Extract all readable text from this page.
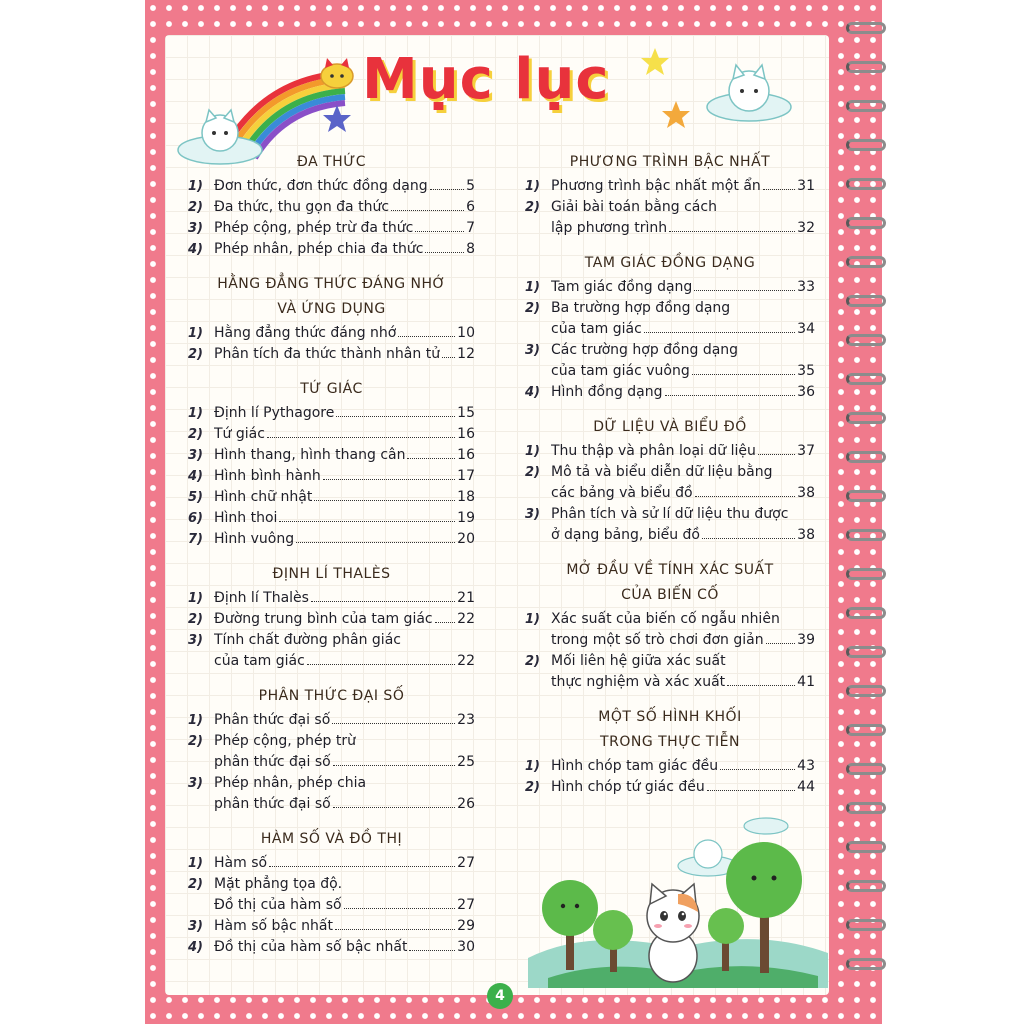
Mục lục
ĐA THỨC
1) Đơn thức, đơn thức đồng dạng	5
2) Đa thức, thu gọn đa thức	6
3) Phép cộng, phép trừ đa thức	7
4) Phép nhân, phép chia đa thức	8
HẰNG ĐẲNG THỨC ĐÁNG NHỚ
VÀ ỨNG DỤNG
1) Hằng đẳng thức đáng nhớ	10
2) Phân tích đa thức thành nhân tử 12
TỨ GIÁC
1) Định lí Pythagore	15
2) Tứ giác	16
3) Hình thang, hình thang cân	16
4) Hình bình hành	17
5) Hình chữ nhật	18
6) Hình thoi	19
7) Hình vuông	20
ĐỊNH LÍ THALÈS
1) Định lí Thalès	21
2) Đường trung bình của tam giác 22
3) Tính chất đường phân giác
của tam giác	22
PHÂN THỨC ĐẠI SỐ
1) Phân thức đại số	23
2) Phép cộng, phép trừ
phân thức đại số	25
3) Phép nhân, phép chia
phân thức đại số	26
HÀM SỐ VÀ ĐỒ THỊ
1) Hàm số	27
2) Mặt phẳng tọa độ.
Đồ thị của hàm số	27
3) Hàm số bậc nhất	29
4) Đồ thị của hàm số bậc nhất	30
PHƯƠNG TRÌNH BẬC NHẤT
1) Phương trình bậc nhất một ẩn	31
2) Giải bài toán bằng cách
lập phương trình	32
TAM GIÁC ĐỒNG DẠNG
1) Tam giác đồng dạng	33
2) Ba trường hợp đồng dạng
của tam giác	34
3) Các trường hợp đồng dạng
của tam giác vuông	35
4) Hình đồng dạng	36
DỮ LIỆU VÀ BIỂU ĐỒ
1) Thu thập và phân loại dữ liệu	37
2) Mô tả và biểu diễn dữ liệu bằng
các bảng và biểu đồ	38
3) Phân tích và sử lí dữ liệu thu được
ở dạng bảng, biểu đồ	38
MỞ ĐẦU VỀ TÍNH XÁC SUẤT
CỦA BIẾN CỐ
1) Xác suất của biến cố ngẫu nhiên
trong một số trò chơi đơn giản 39
2) Mối liên hệ giữa xác suất
thực nghiệm và xác xuất	41
MỘT SỐ HÌNH KHỐI
TRONG THỰC TIỄN
1) Hình chóp tam giác đều	43
2) Hình chóp tứ giác đều	44
4
